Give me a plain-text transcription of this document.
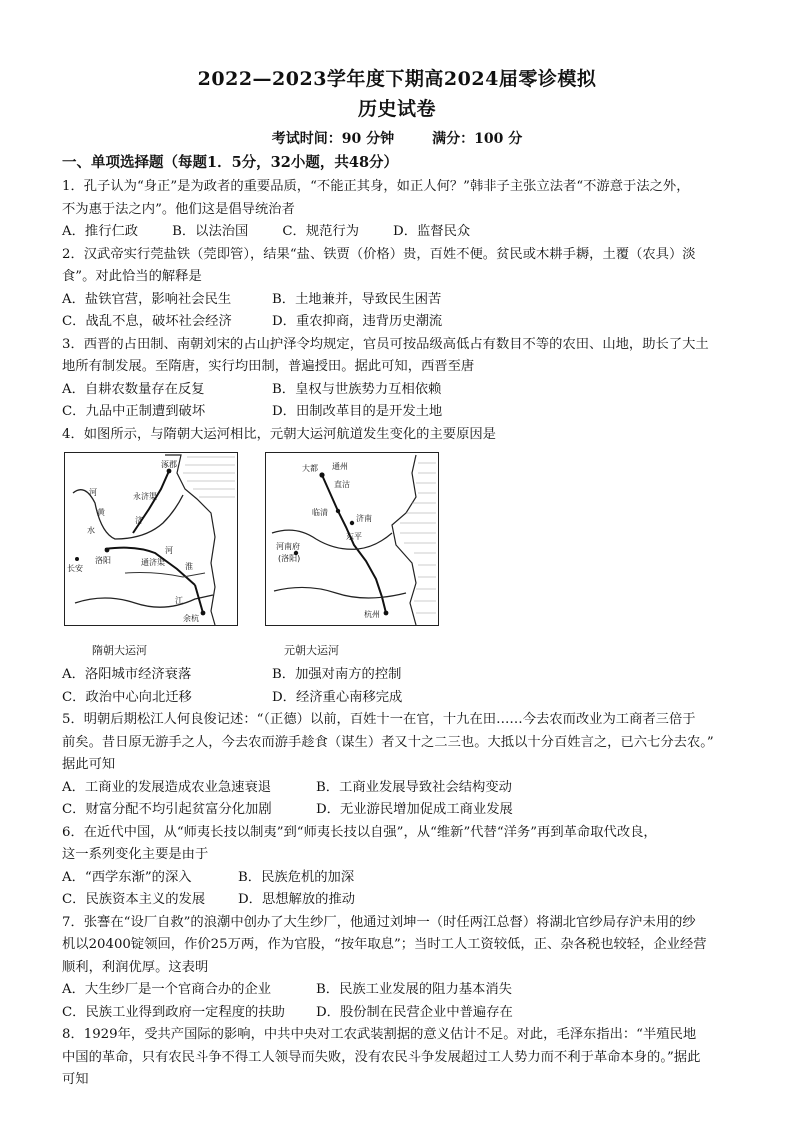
2022—2023学年度下期高2024届零诊模拟
历史试卷
考试时间：90 分钟	满分：100 分
一、单项选择题（每题1．5分，32小题，共48分）

1．孔子认为“身正”是为政者的重要品质，“不能正其身，如正人何？”韩非子主张立法者“不游意于法之外，

不为惠于法之内”。他们这是倡导统治者

A．推行仁政	B．以法治国	C．规范行为	D．监督民众

2．汉武帝实行莞盐铁（莞即管），结果“盐、铁贾（价格）贵，百姓不便。贫民或木耕手耨，土覆（农具）淡

食”。对此恰当的解释是

A．盐铁官营，影响社会民生	B．土地兼并，导致民生困苦
C．战乱不息，破坏社会经济	D．重农抑商，违背历史潮流

3．西晋的占田制、南朝刘宋的占山护泽令均规定，官员可按品级高低占有数目不等的农田、山地，助长了大土

地所有制发展。至隋唐，实行均田制，普遍授田。据此可知，西晋至唐

A．自耕农数量存在反复	B．皇权与世族势力互相依赖
C．九品中正制遭到破坏	D．田制改革目的是开发土地

4．如图所示，与隋朝大运河相比，元朝大运河航道发生变化的主要原因是

涿郡
河
黄
长安
洛阳
济
江
余杭
水
通济渠	淮
河
永济渠
大都 通州
直沽
临清
济南
东平
河南府
(洛阳)
杭州
隋朝大运河	元朝大运河
A．洛阳城市经济衰落	B．加强对南方的控制
C．政治中心向北迁移	D．经济重心南移完成

5．明朝后期松江人何良俊记述：“（正德）以前，百姓十一在官，十九在田……今去农而改业为工商者三倍于

前矣。昔日原无游手之人，今去农而游手趁食（谋生）者又十之二三也。大抵以十分百姓言之，已六七分去农。”

据此可知

A．工商业的发展造成农业急速衰退	B．工商业发展导致社会结构变动
C．财富分配不均引起贫富分化加剧	D．无业游民增加促成工商业发展

6．在近代中国，从“师夷长技以制夷”到“师夷长技以自强”，从“维新”代替“洋务”再到革命取代改良，

这一系列变化主要是由于

A．“西学东渐”的深入	B．民族危机的加深
C．民族资本主义的发展	D．思想解放的推动

7．张謇在“设厂自救”的浪潮中创办了大生纱厂，他通过刘坤一（时任两江总督）将湖北官纱局存沪未用的纱

机以20400锭领回，作价25万两，作为官股，“按年取息”；当时工人工资较低，正、杂各税也较轻，企业经营

顺利，利润优厚。这表明

A．大生纱厂是一个官商合办的企业	B．民族工业发展的阻力基本消失
C．民族工业得到政府一定程度的扶助	D．股份制在民营企业中普遍存在

8．1929年，受共产国际的影响，中共中央对工农武装割据的意义估计不足。对此，毛泽东指出：“半殖民地

中国的革命，只有农民斗争不得工人领导而失败，没有农民斗争发展超过工人势力而不利于革命本身的。”据此

可知
